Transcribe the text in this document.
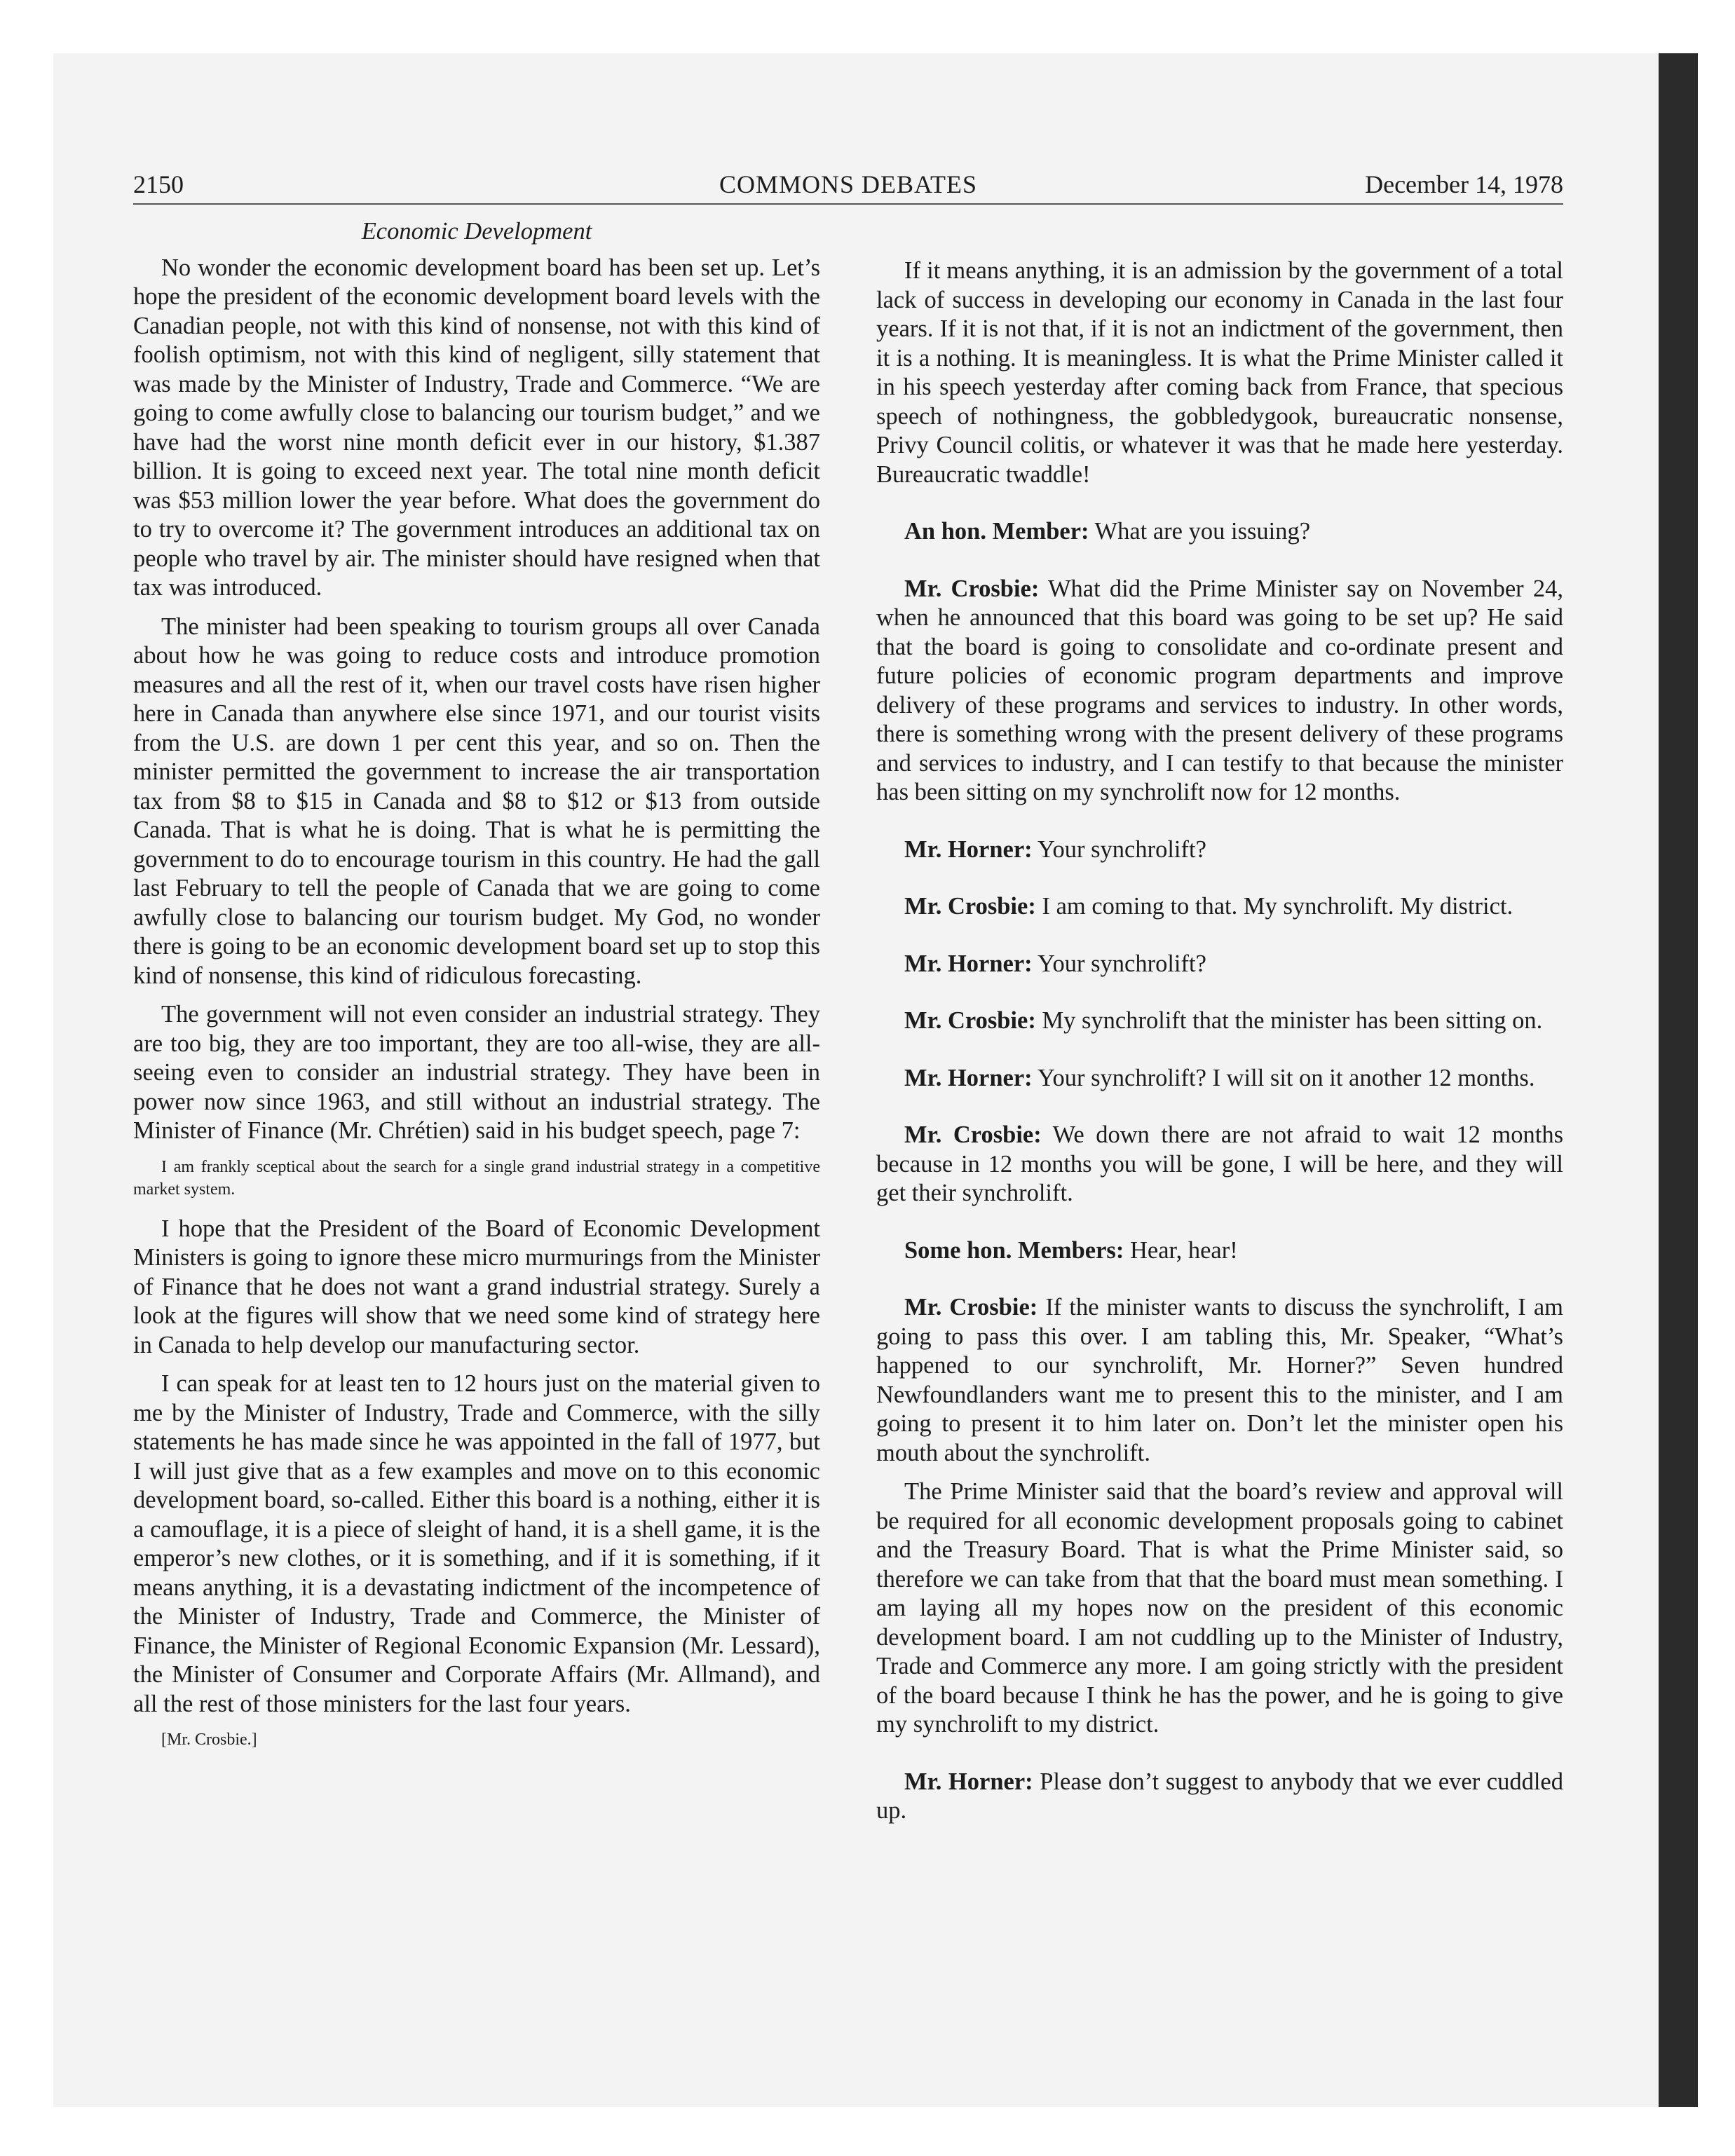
2150	COMMONS DEBATES	December 14, 1978
Economic Development

No wonder the economic development board has been set up. Let’s hope the president of the economic development board levels with the Canadian people, not with this kind of nonsense, not with this kind of foolish optimism, not with this kind of negligent, silly statement that was made by the Minister of Industry, Trade and Commerce. “We are going to come awfully close to balancing our tourism budget,” and we have had the worst nine month deficit ever in our history, $1.387 billion. It is going to exceed next year. The total nine month deficit was $53 million lower the year before. What does the government do to try to overcome it? The government introduces an additional tax on people who travel by air. The minister should have resigned when that tax was introduced.

The minister had been speaking to tourism groups all over Canada about how he was going to reduce costs and introduce promotion measures and all the rest of it, when our travel costs have risen higher here in Canada than anywhere else since 1971, and our tourist visits from the U.S. are down 1 per cent this year, and so on. Then the minister permitted the government to increase the air transportation tax from $8 to $15 in Canada and $8 to $12 or $13 from outside Canada. That is what he is doing. That is what he is permitting the government to do to encourage tourism in this country. He had the gall last February to tell the people of Canada that we are going to come awfully close to balancing our tourism budget. My God, no wonder there is going to be an economic development board set up to stop this kind of nonsense, this kind of ridiculous forecasting.

The government will not even consider an industrial strategy. They are too big, they are too important, they are too all-wise, they are all-seeing even to consider an industrial strategy. They have been in power now since 1963, and still without an industrial strategy. The Minister of Finance (Mr. Chrétien) said in his budget speech, page 7:

I am frankly sceptical about the search for a single grand industrial strategy in a competitive market system.

I hope that the President of the Board of Economic Development Ministers is going to ignore these micro murmurings from the Minister of Finance that he does not want a grand industrial strategy. Surely a look at the figures will show that we need some kind of strategy here in Canada to help develop our manufacturing sector.

I can speak for at least ten to 12 hours just on the material given to me by the Minister of Industry, Trade and Commerce, with the silly statements he has made since he was appointed in the fall of 1977, but I will just give that as a few examples and move on to this economic development board, so-called. Either this board is a nothing, either it is a camouflage, it is a piece of sleight of hand, it is a shell game, it is the emperor’s new clothes, or it is something, and if it is something, if it means anything, it is a devastating indictment of the incompetence of the Minister of Industry, Trade and Commerce, the Minister of Finance, the Minister of Regional Economic Expansion (Mr. Lessard), the Minister of Consumer and Corporate Affairs (Mr. Allmand), and all the rest of those ministers for the last four years.

[Mr. Crosbie.]

If it means anything, it is an admission by the government of a total lack of success in developing our economy in Canada in the last four years. If it is not that, if it is not an indictment of the government, then it is a nothing. It is meaningless. It is what the Prime Minister called it in his speech yesterday after coming back from France, that specious speech of nothingness, the gobbledygook, bureaucratic nonsense, Privy Council colitis, or whatever it was that he made here yesterday. Bureaucratic twaddle!

An hon. Member: What are you issuing?

Mr. Crosbie: What did the Prime Minister say on November 24, when he announced that this board was going to be set up? He said that the board is going to consolidate and co-ordinate present and future policies of economic program departments and improve delivery of these programs and services to industry. In other words, there is something wrong with the present delivery of these programs and services to industry, and I can testify to that because the minister has been sitting on my synchrolift now for 12 months.

Mr. Horner: Your synchrolift?

Mr. Crosbie: I am coming to that. My synchrolift. My district.

Mr. Horner: Your synchrolift?

Mr. Crosbie: My synchrolift that the minister has been sitting on.

Mr. Horner: Your synchrolift? I will sit on it another 12 months.

Mr. Crosbie: We down there are not afraid to wait 12 months because in 12 months you will be gone, I will be here, and they will get their synchrolift.

Some hon. Members: Hear, hear!

Mr. Crosbie: If the minister wants to discuss the synchrolift, I am going to pass this over. I am tabling this, Mr. Speaker, “What’s happened to our synchrolift, Mr. Horner?” Seven hundred Newfoundlanders want me to present this to the minister, and I am going to present it to him later on. Don’t let the minister open his mouth about the synchrolift.

The Prime Minister said that the board’s review and approval will be required for all economic development proposals going to cabinet and the Treasury Board. That is what the Prime Minister said, so therefore we can take from that that the board must mean something. I am laying all my hopes now on the president of this economic development board. I am not cuddling up to the Minister of Industry, Trade and Commerce any more. I am going strictly with the president of the board because I think he has the power, and he is going to give my synchrolift to my district.

Mr. Horner: Please don’t suggest to anybody that we ever cuddled up.
